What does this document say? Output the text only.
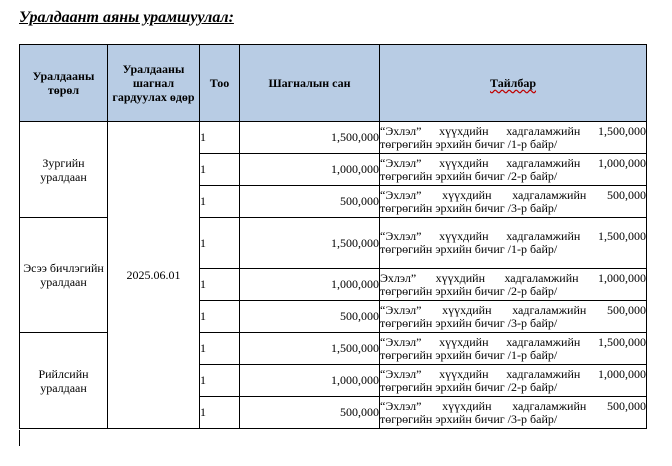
Уралдаант аяны урамшуулал:

Уралдааны төрөл	Уралдааны шагнал гардуулах өдөр	Тоо	Шагналын сан	Тайлбар
Зургийн уралдаан	2025.06.01	1	1,500,000	“Эхлэл” хүүхдийн хадгаламжийн 1,500,000
төгрөгийн эрхийн бичиг /1-р байр/

		1	1,000,000	“Эхлэл” хүүхдийн хадгаламжийн 1,000,000
төгрөгийн эрхийн бичиг /2-р байр/

		1	500,000	“Эхлэл” хүүхдийн хадгаламжийн 500,000
төгрөгийн эрхийн бичиг /3-р байр/

Эсээ бичлэгийн уралдаан		1	1,500,000	“Эхлэл” хүүхдийн хадгаламжийн 1,500,000
төгрөгийн эрхийн бичиг /1-р байр/

		1	1,000,000	Эхлэл” хүүхдийн хадгаламжийн 1,000,000
төгрөгийн эрхийн бичиг /2-р байр/

		1	500,000	“Эхлэл” хүүхдийн хадгаламжийн 500,000
төгрөгийн эрхийн бичиг /3-р байр/

Рийлсийн уралдаан		1	1,500,000	“Эхлэл” хүүхдийн хадгаламжийн 1,500,000
төгрөгийн эрхийн бичиг /1-р байр/

		1	1,000,000	“Эхлэл” хүүхдийн хадгаламжийн 1,000,000
төгрөгийн эрхийн бичиг /2-р байр/

		1	500,000	“Эхлэл” хүүхдийн хадгаламжийн 500,000
төгрөгийн эрхийн бичиг /3-р байр/
